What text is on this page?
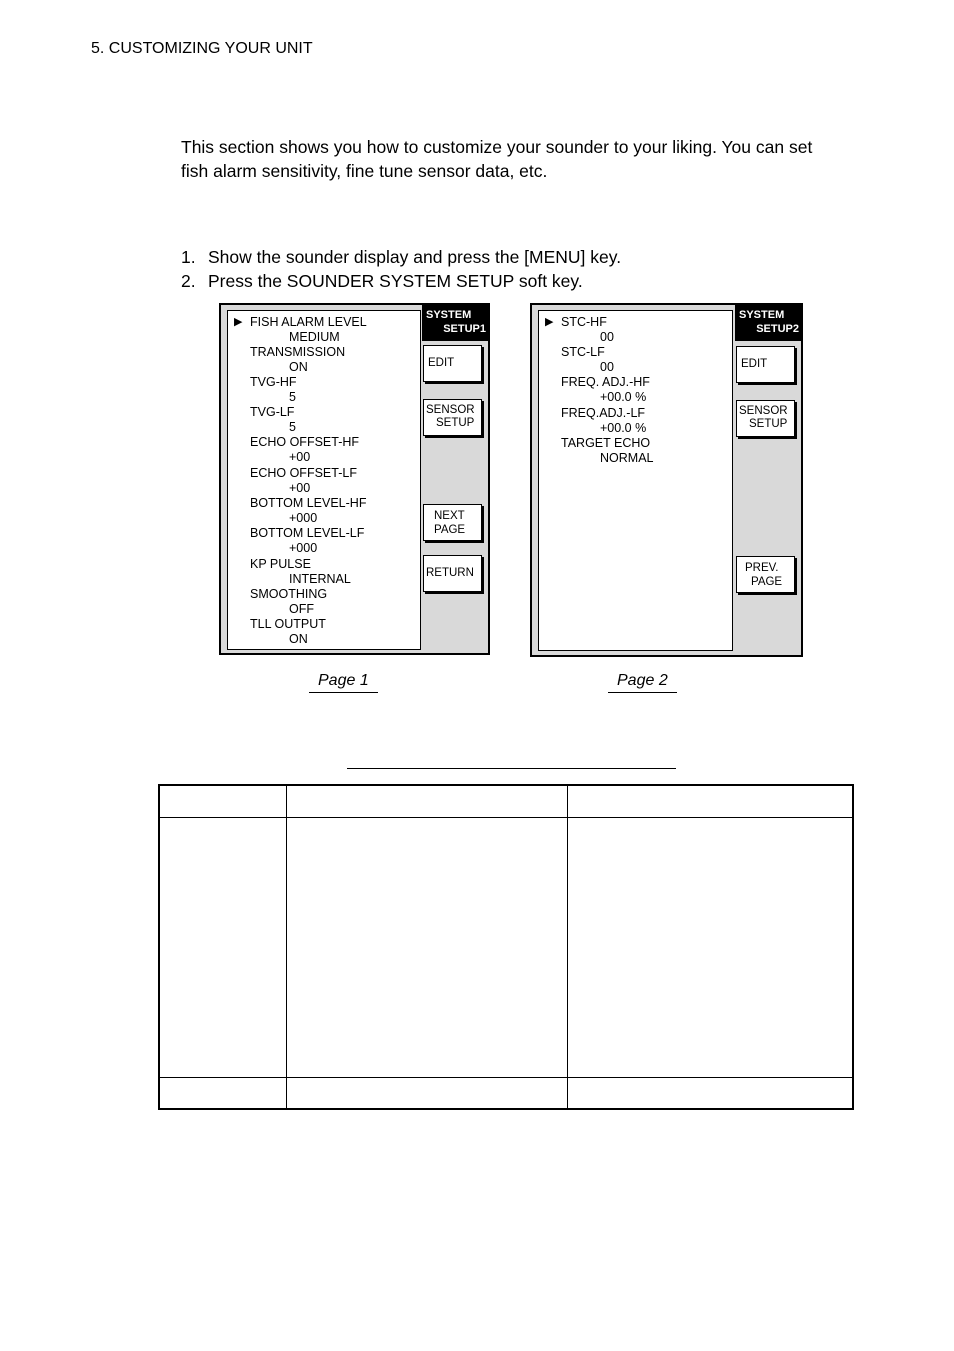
5. CUSTOMIZING YOUR UNIT
This section shows you how to customize your sounder to your liking. You can set fish alarm sensitivity, fine tune sensor data, etc.
1. Show the sounder display and press the [MENU] key.
2. Press the SOUNDER SYSTEM SETUP soft key.
▶ FISH ALARM LEVEL
MEDIUM
TRANSMISSION
ON
TVG-HF
5
TVG-LF
5
ECHO OFFSET-HF
+00
ECHO OFFSET-LF
+00
BOTTOM LEVEL-HF
+000
BOTTOM LEVEL-LF
+000
KP PULSE
INTERNAL
SMOOTHING
OFF
TLL OUTPUT
ON
SYSTEM
SETUP1
EDIT
SENSOR
SETUP
NEXT
PAGE
RETURN
▶ STC-HF
00
STC-LF
00
FREQ. ADJ.-HF
+00.0 %
FREQ.ADJ.-LF
+00.0 %
TARGET ECHO
NORMAL
SYSTEM
SETUP2
EDIT
SENSOR
SETUP
PREV.
PAGE
Page 1	Page 2
